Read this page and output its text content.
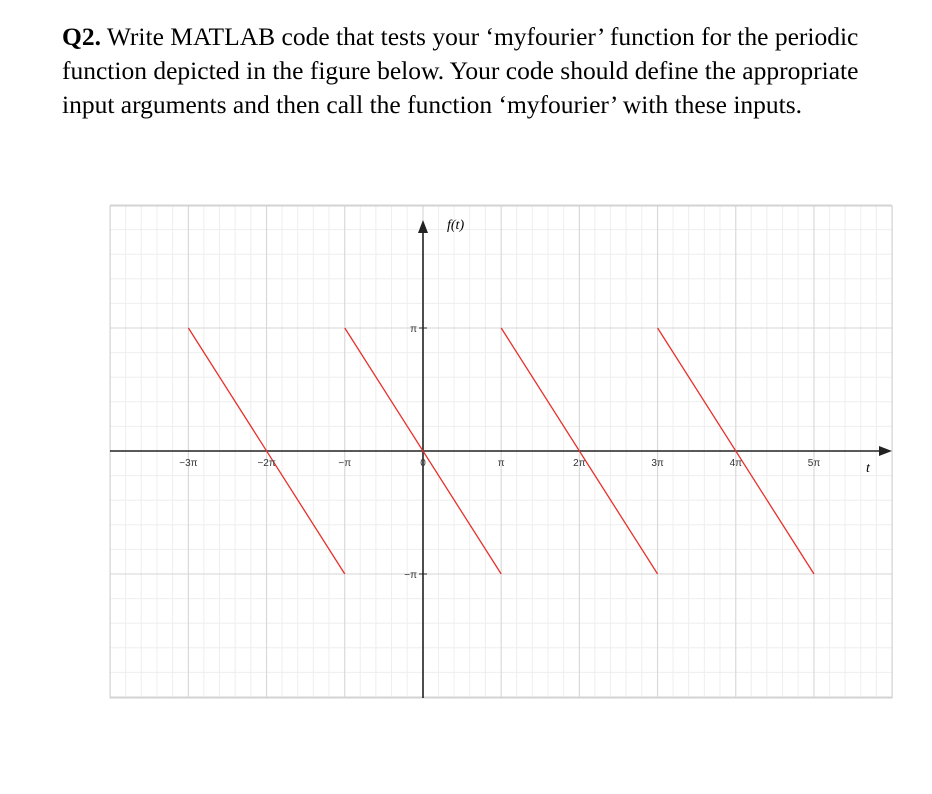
Q2. Write MATLAB code that tests your ‘myfourier’ function for the periodic function depicted in the figure below. Your code should define the appropriate input arguments and then call the function ‘myfourier’ with these inputs.
−3π	−2π	−π	0	π	2π	3π	4π	5π
π
−π
f(t)
t
